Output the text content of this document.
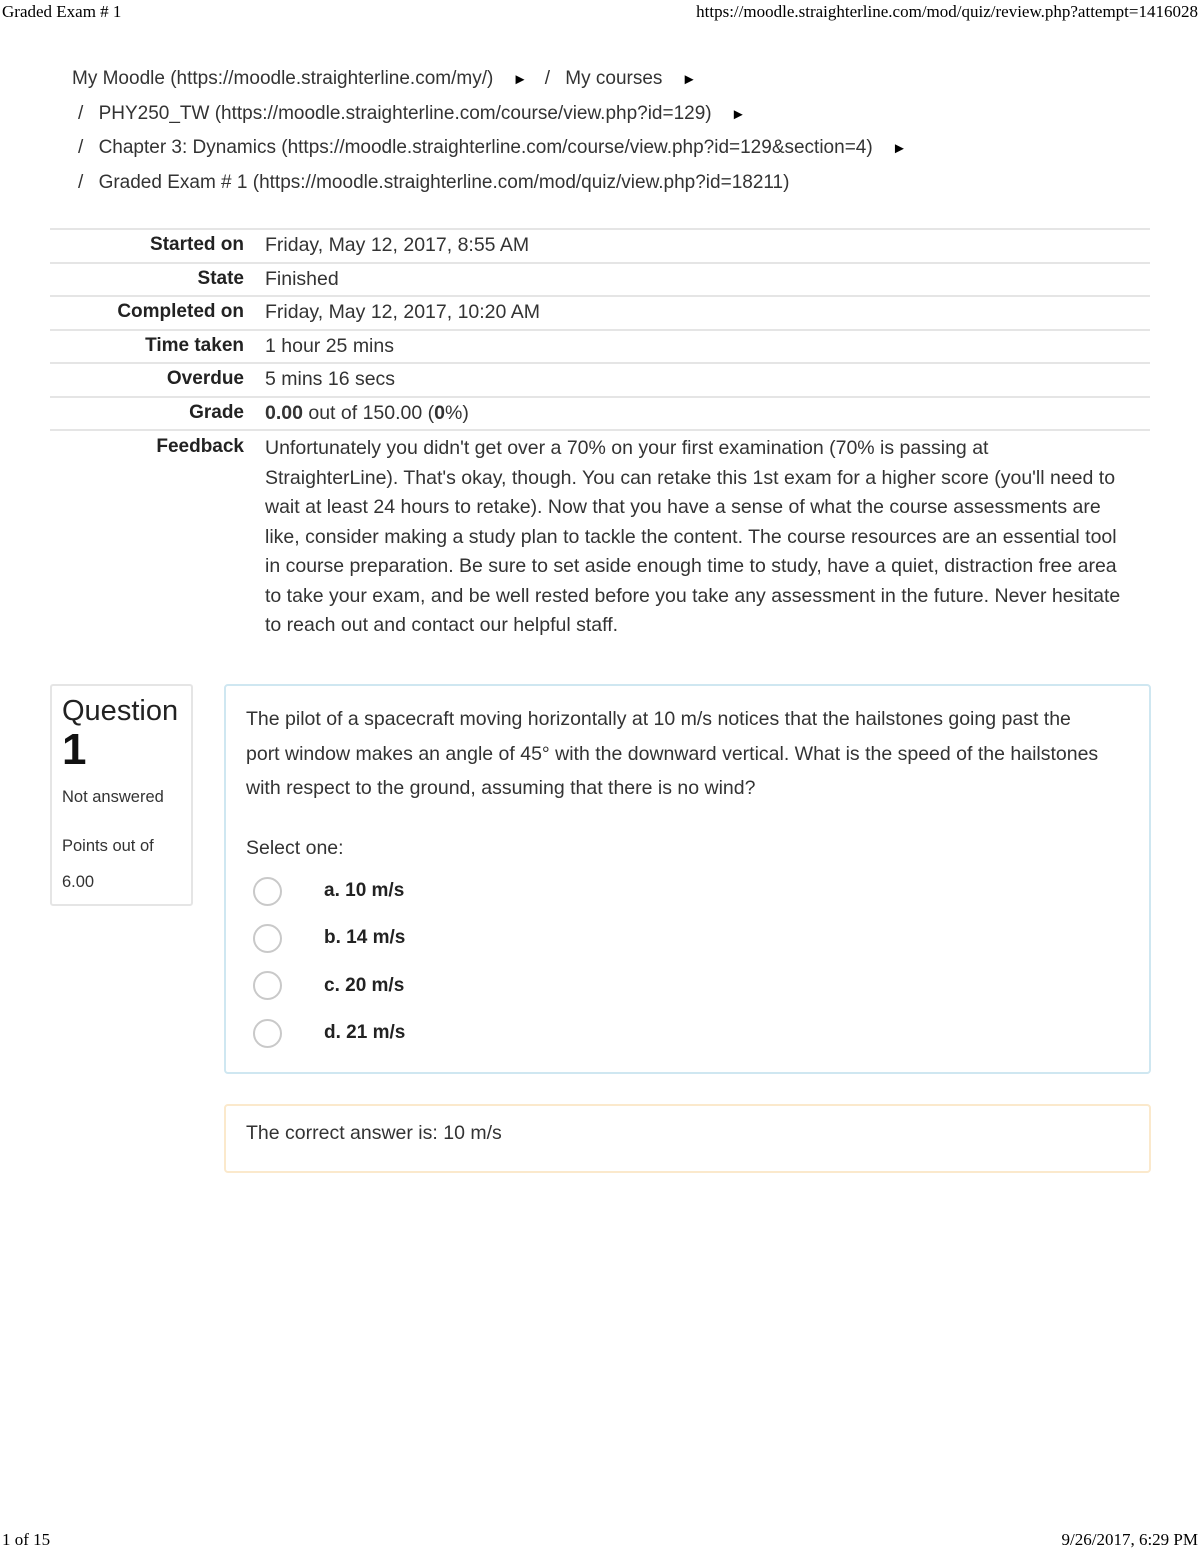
Graded Exam # 1	https://moodle.straighterline.com/mod/quiz/review.php?attempt=1416028
My Moodle (https://moodle.straighterline.com/my/) ► / My courses ►
/ PHY250_TW (https://moodle.straighterline.com/course/view.php?id=129) ►
/ Chapter 3: Dynamics (https://moodle.straighterline.com/course/view.php?id=129&section=4) ►
/ Graded Exam # 1 (https://moodle.straighterline.com/mod/quiz/view.php?id=18211)
Started on	Friday, May 12, 2017, 8:55 AM
State	Finished
Completed on	Friday, May 12, 2017, 10:20 AM
Time taken	1 hour 25 mins
Overdue	5 mins 16 secs
Grade	0.00 out of 150.00 (0%)
Feedback	Unfortunately you didn't get over a 70% on your first examination (70% is passing at StraighterLine). That's okay, though. You can retake this 1st exam for a higher score (you'll need to wait at least 24 hours to retake). Now that you have a sense of what the course assessments are like, consider making a study plan to tackle the content. The course resources are an essential tool in course preparation. Be sure to set aside enough time to study, have a quiet, distraction free area to take your exam, and be well rested before you take any assessment in the future. Never hesitate to reach out and contact our helpful staff.
Question
1
Not answered
Points out of 6.00
The pilot of a spacecraft moving horizontally at 10 m/s notices that the hailstones going past the port window makes an angle of 45° with the downward vertical. What is the speed of the hailstones with respect to the ground, assuming that there is no wind?
Select one:
a. 10 m/s
b. 14 m/s
c. 20 m/s
d. 21 m/s
The correct answer is: 10 m/s
1 of 15	9/26/2017, 6:29 PM
